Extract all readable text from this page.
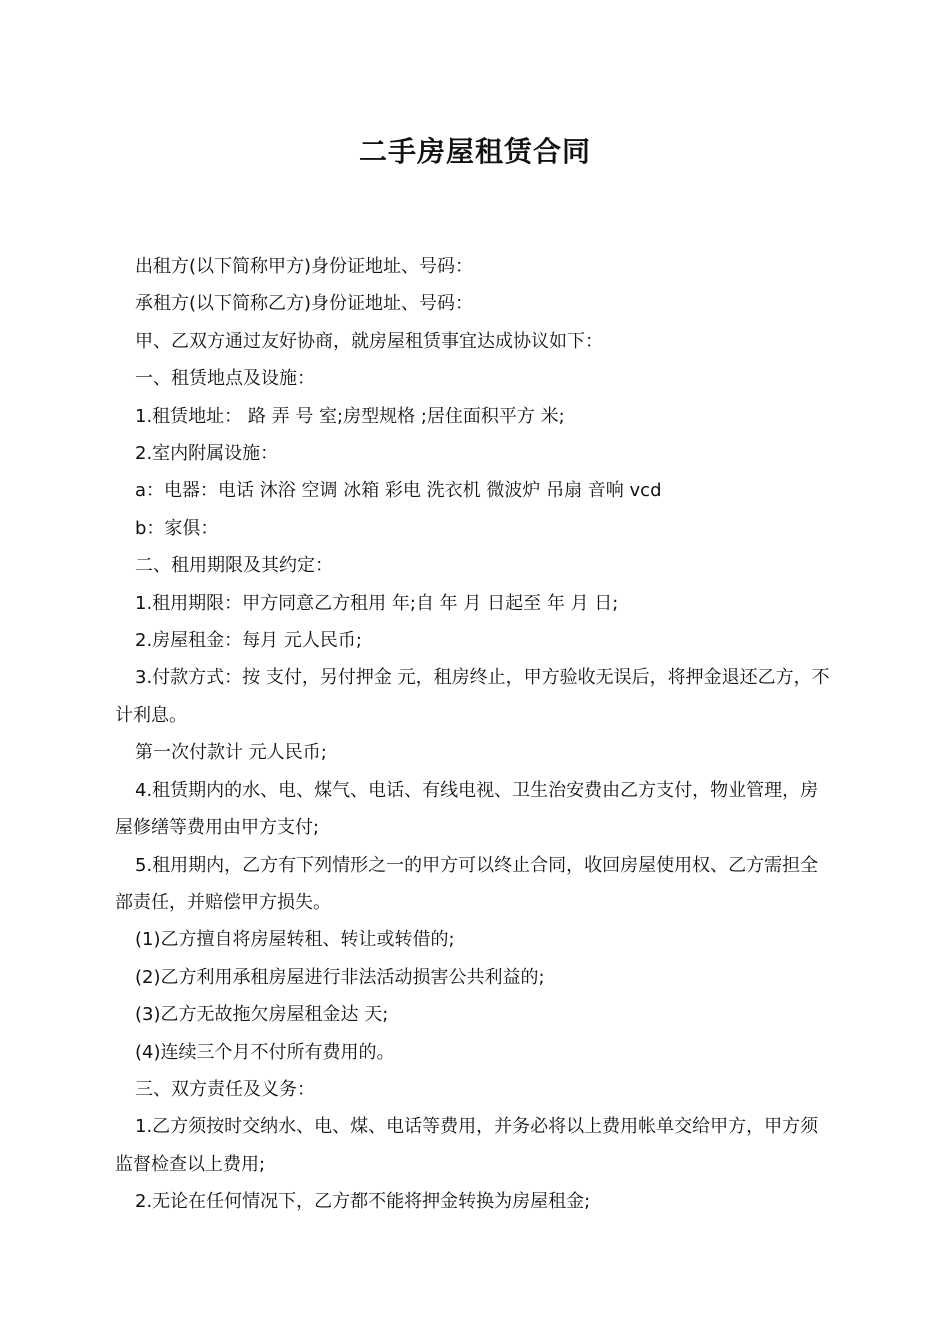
二手房屋租赁合同

出租方(以下简称甲方)身份证地址、号码：

承租方(以下简称乙方)身份证地址、号码：

甲、乙双方通过友好协商，就房屋租赁事宜达成协议如下：

一、租赁地点及设施：

1.租赁地址： 路 弄 号 室;房型规格 ;居住面积平方 米;

2.室内附属设施：

a：电器：电话 沐浴 空调 冰箱 彩电 洗衣机 微波炉 吊扇 音响 vcd

b：家俱：

二、租用期限及其约定：

1.租用期限：甲方同意乙方租用 年;自 年 月 日起至 年 月 日;

2.房屋租金：每月 元人民币;

3.付款方式：按 支付，另付押金 元，租房终止，甲方验收无误后，将押金退还乙方，不计利息。

第一次付款计 元人民币;

4.租赁期内的水、电、煤气、电话、有线电视、卫生治安费由乙方支付，物业管理，房屋修缮等费用由甲方支付;

5.租用期内，乙方有下列情形之一的甲方可以终止合同，收回房屋使用权、乙方需担全部责任，并赔偿甲方损失。

(1)乙方擅自将房屋转租、转让或转借的;

(2)乙方利用承租房屋进行非法活动损害公共利益的;

(3)乙方无故拖欠房屋租金达 天;

(4)连续三个月不付所有费用的。

三、双方责任及义务：

1.乙方须按时交纳水、电、煤、电话等费用，并务必将以上费用帐单交给甲方，甲方须监督检查以上费用;

2.无论在任何情况下，乙方都不能将押金转换为房屋租金;
